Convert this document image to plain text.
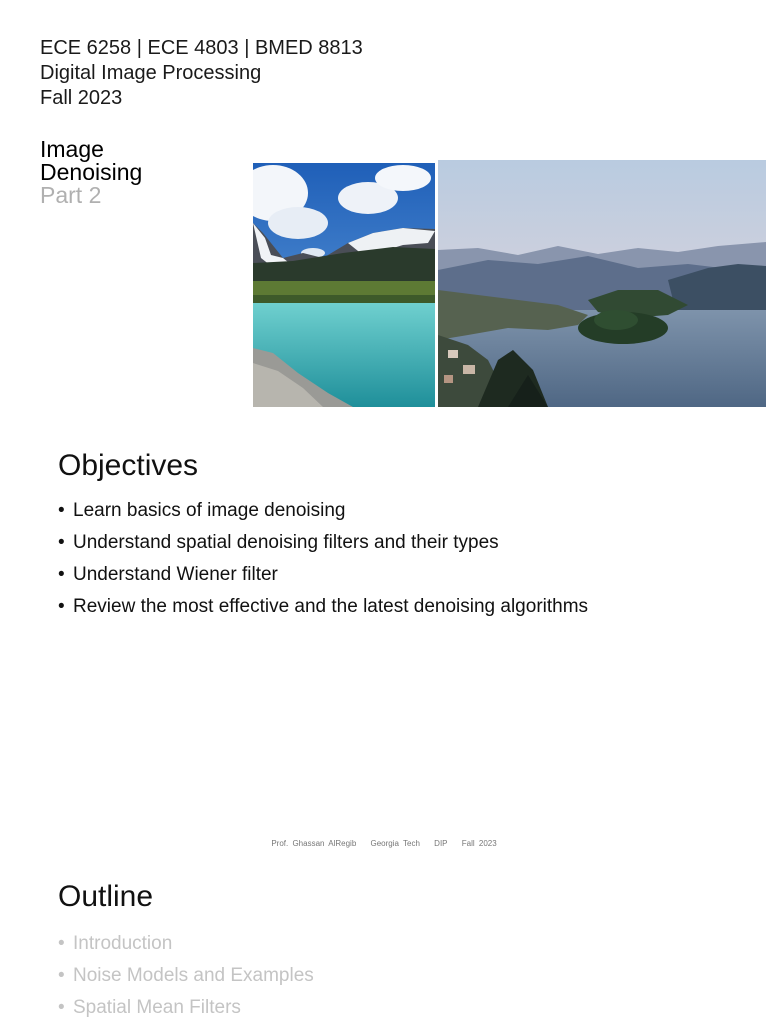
ECE 6258 | ECE 4803 | BMED 8813
Digital Image Processing
Fall 2023
Image
Denoising
Part 2
Objectives
• Learn basics of image denoising
• Understand spatial denoising filters and their types
• Understand Wiener filter
• Review the most effective and the latest denoising algorithms
Prof. Ghassan AlRegib Georgia Tech DIP Fall 2023
Outline
• Introduction
• Noise Models and Examples
• Spatial Mean Filters
